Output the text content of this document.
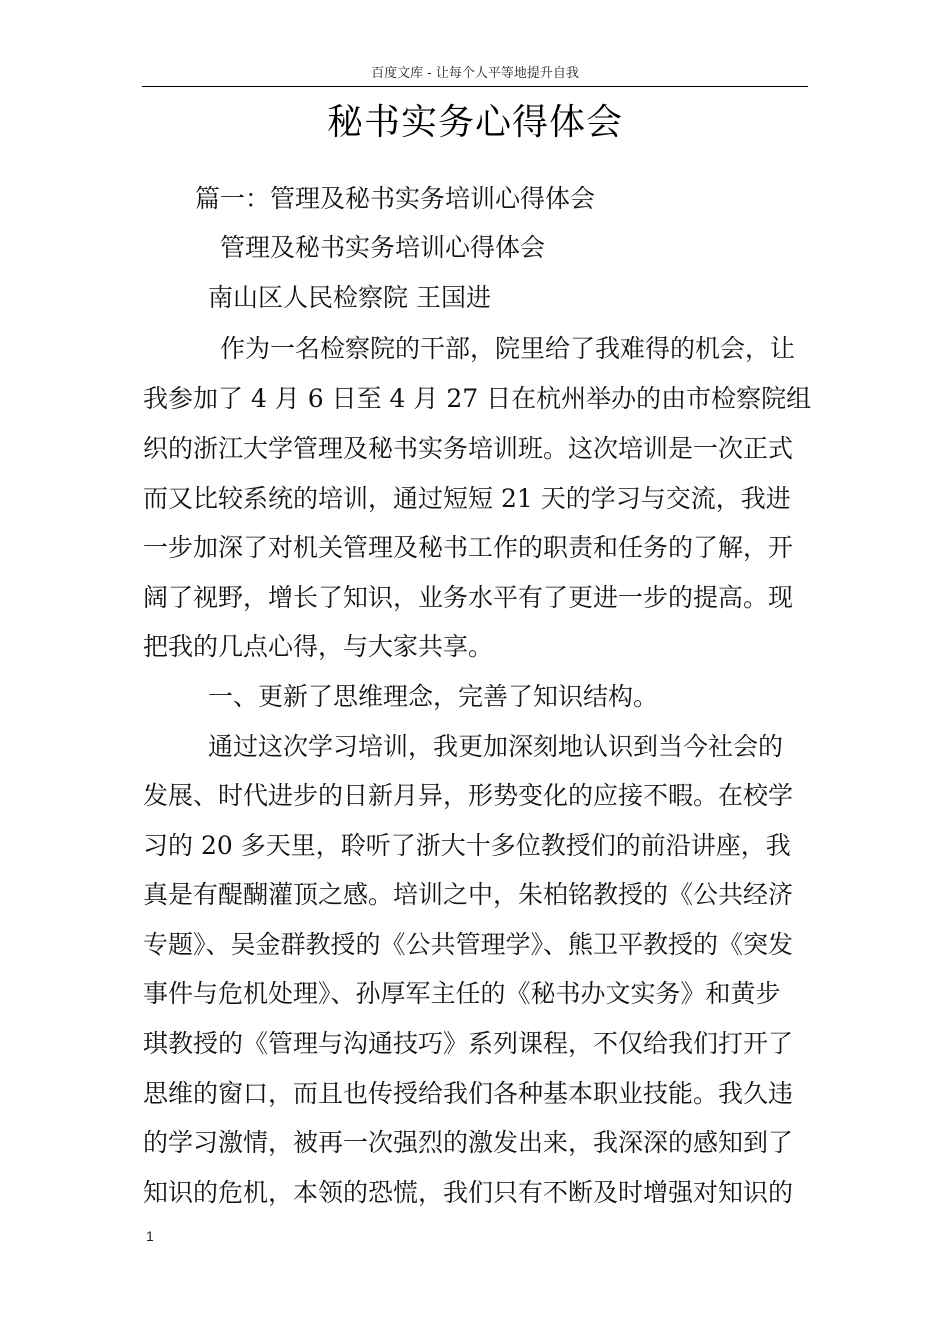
百度文库 - 让每个人平等地提升自我
秘书实务心得体会
篇一：管理及秘书实务培训心得体会
管理及秘书实务培训心得体会
南山区人民检察院 王国进
作为一名检察院的干部，院里给了我难得的机会，让
我参加了 4 月 6 日至 4 月 27 日在杭州举办的由市检察院组
织的浙江大学管理及秘书实务培训班。这次培训是一次正式
而又比较系统的培训，通过短短 21 天的学习与交流，我进
一步加深了对机关管理及秘书工作的职责和任务的了解，开
阔了视野，增长了知识，业务水平有了更进一步的提高。现
把我的几点心得，与大家共享。
一、更新了思维理念，完善了知识结构。
通过这次学习培训，我更加深刻地认识到当今社会的
发展、时代进步的日新月异，形势变化的应接不暇。在校学
习的 20 多天里，聆听了浙大十多位教授们的前沿讲座，我
真是有醍醐灌顶之感。培训之中，朱柏铭教授的《公共经济
专题》、吴金群教授的《公共管理学》、熊卫平教授的《突发
事件与危机处理》、孙厚军主任的《秘书办文实务》和黄步
琪教授的《管理与沟通技巧》系列课程，不仅给我们打开了
思维的窗口，而且也传授给我们各种基本职业技能。我久违
的学习激情，被再一次强烈的激发出来，我深深的感知到了
知识的危机，本领的恐慌，我们只有不断及时增强对知识的
1
